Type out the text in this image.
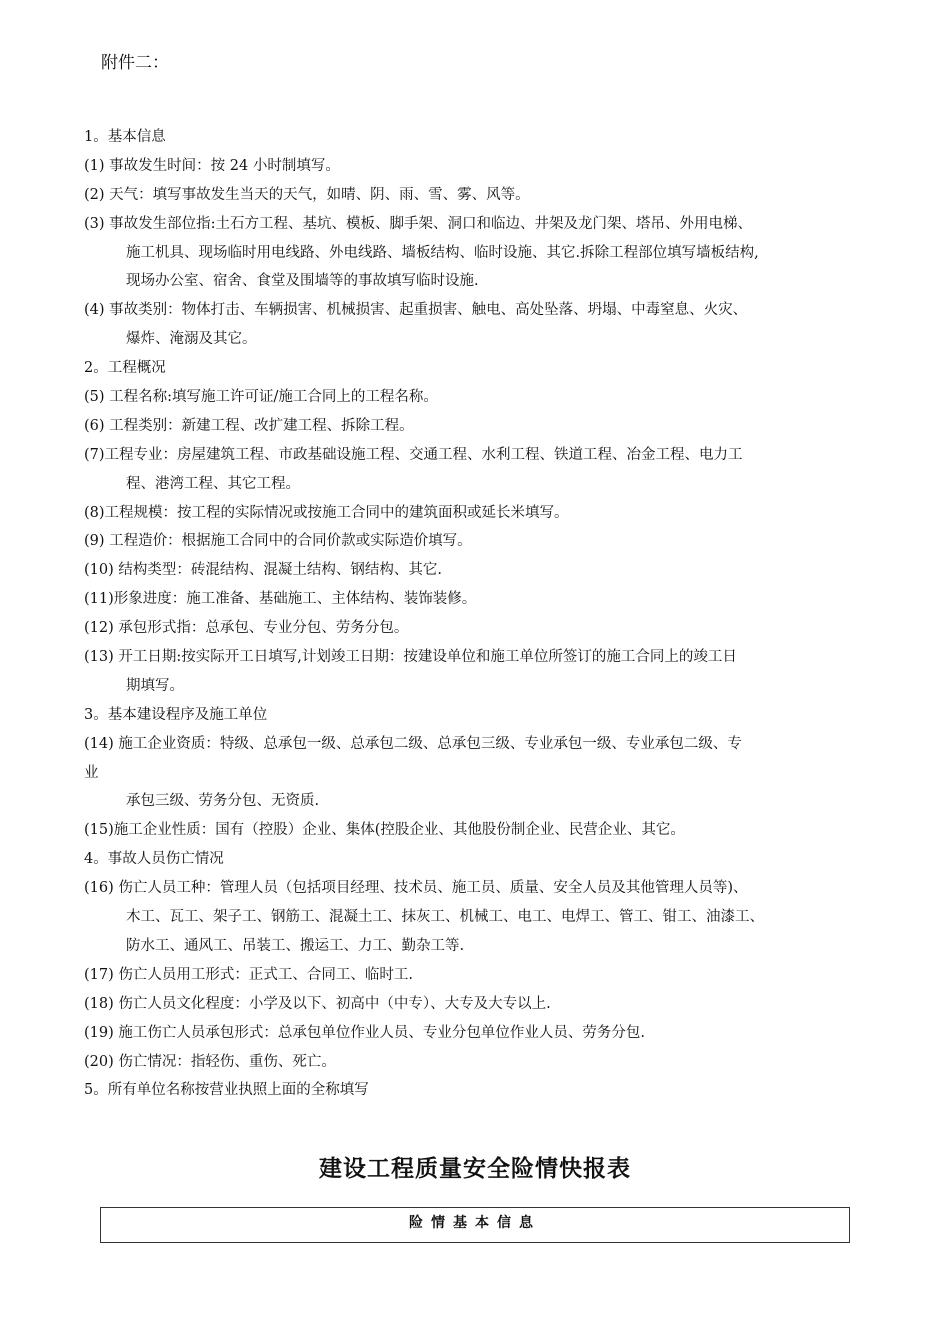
附件二：
1。基本信息
(1) 事故发生时间：按 24 小时制填写。
(2) 天气：填写事故发生当天的天气，如晴、阴、雨、雪、雾、风等。
(3) 事故发生部位指:土石方工程、基坑、模板、脚手架、洞口和临边、井架及龙门架、塔吊、外用电梯、
施工机具、现场临时用电线路、外电线路、墙板结构、临时设施、其它.拆除工程部位填写墙板结构,
现场办公室、宿舍、食堂及围墙等的事故填写临时设施.
(4) 事故类别：物体打击、车辆损害、机械损害、起重损害、触电、高处坠落、坍塌、中毒窒息、火灾、
爆炸、淹溺及其它。
2。工程概况
(5) 工程名称:填写施工许可证/施工合同上的工程名称。
(6) 工程类别：新建工程、改扩建工程、拆除工程。
(7)工程专业：房屋建筑工程、市政基础设施工程、交通工程、水利工程、铁道工程、冶金工程、电力工
程、港湾工程、其它工程。
(8)工程规模：按工程的实际情况或按施工合同中的建筑面积或延长米填写。
(9) 工程造价：根据施工合同中的合同价款或实际造价填写。
(10) 结构类型：砖混结构、混凝土结构、钢结构、其它.
(11)形象进度：施工准备、基础施工、主体结构、装饰装修。
(12) 承包形式指：总承包、专业分包、劳务分包。
(13) 开工日期:按实际开工日填写,计划竣工日期：按建设单位和施工单位所签订的施工合同上的竣工日
期填写。
3。基本建设程序及施工单位
(14) 施工企业资质：特级、总承包一级、总承包二级、总承包三级、专业承包一级、专业承包二级、专
业
承包三级、劳务分包、无资质.
(15)施工企业性质：国有（控股）企业、集体(控股企业、其他股份制企业、民营企业、其它。
4。事故人员伤亡情况
(16) 伤亡人员工种：管理人员（包括项目经理、技术员、施工员、质量、安全人员及其他管理人员等)、
木工、瓦工、架子工、钢筋工、混凝土工、抹灰工、机械工、电工、电焊工、管工、钳工、油漆工、
防水工、通风工、吊装工、搬运工、力工、勤杂工等.
(17) 伤亡人员用工形式：正式工、合同工、临时工.
(18) 伤亡人员文化程度：小学及以下、初高中（中专）、大专及大专以上.
(19) 施工伤亡人员承包形式：总承包单位作业人员、专业分包单位作业人员、劳务分包.
(20) 伤亡情况：指轻伤、重伤、死亡。
5。所有单位名称按营业执照上面的全称填写
建设工程质量安全险情快报表
险情基本信息
